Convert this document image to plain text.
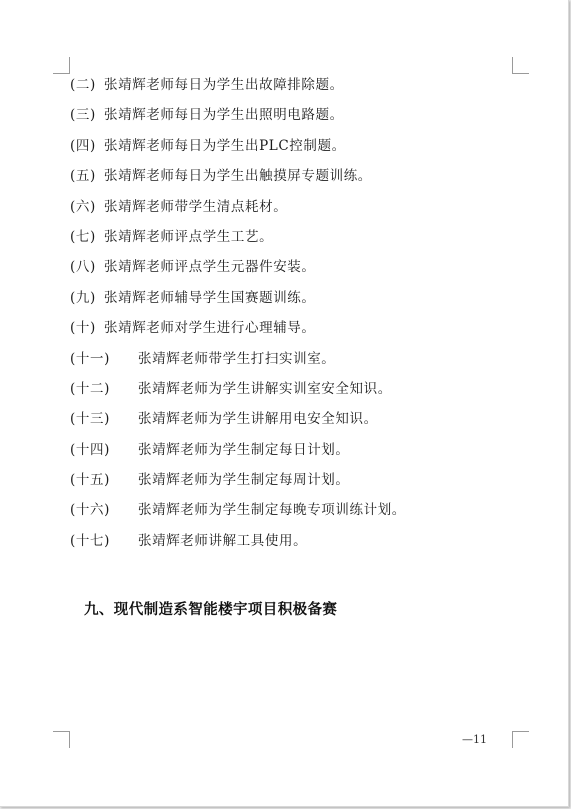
(二) 张靖辉老师每日为学生出故障排除题。
(三) 张靖辉老师每日为学生出照明电路题。
(四) 张靖辉老师每日为学生出PLC控制题。
(五) 张靖辉老师每日为学生出触摸屏专题训练。
(六) 张靖辉老师带学生清点耗材。
(七) 张靖辉老师评点学生工艺。
(八) 张靖辉老师评点学生元器件安装。
(九) 张靖辉老师辅导学生国赛题训练。
(十) 张靖辉老师对学生进行心理辅导。
(十一) 张靖辉老师带学生打扫实训室。
(十二) 张靖辉老师为学生讲解实训室安全知识。
(十三) 张靖辉老师为学生讲解用电安全知识。
(十四) 张靖辉老师为学生制定每日计划。
(十五) 张靖辉老师为学生制定每周计划。
(十六) 张靖辉老师为学生制定每晚专项训练计划。
(十七) 张靖辉老师讲解工具使用。
九、现代制造系智能楼宇项目积极备赛
—11
